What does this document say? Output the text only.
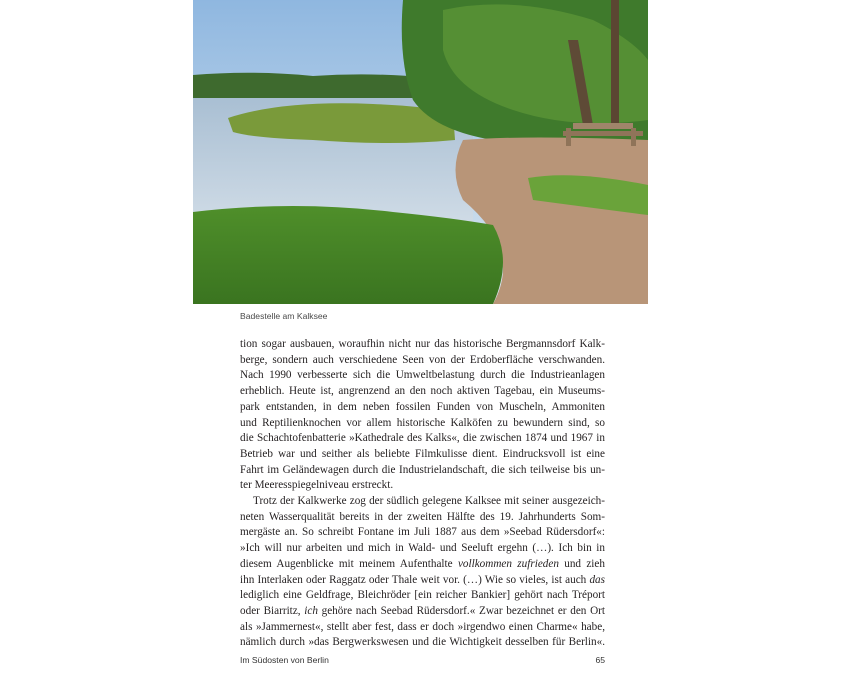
Badestelle am Kalksee

tion sogar ausbauen, woraufhin nicht nur das historische Bergmannsdorf Kalk-
berge, sondern auch verschiedene Seen von der Erdoberfläche verschwanden.
Nach 1990 verbesserte sich die Umweltbelastung durch die Industrieanlagen
erheblich. Heute ist, angrenzend an den noch aktiven Tagebau, ein Museums-
park entstanden, in dem neben fossilen Funden von Muscheln, Ammoniten
und Reptilienknochen vor allem historische Kalköfen zu bewundern sind, so
die Schachtofenbatterie »Kathedrale des Kalks«, die zwischen 1874 und 1967 in
Betrieb war und seither als beliebte Filmkulisse dient. Eindrucksvoll ist eine
Fahrt im Geländewagen durch die Industrielandschaft, die sich teilweise bis un-
ter Meeresspiegelniveau erstreckt.

Trotz der Kalkwerke zog der südlich gelegene Kalksee mit seiner ausgezeich-
neten Wasserqualität bereits in der zweiten Hälfte des 19. Jahrhunderts Som-
mergäste an. So schreibt Fontane im Juli 1887 aus dem »Seebad Rüdersdorf«:
»Ich will nur arbeiten und mich in Wald- und Seeluft ergehn (…). Ich bin in
diesem Augenblicke mit meinem Aufenthalte vollkommen zufrieden und zieh
ihn Interlaken oder Raggatz oder Thale weit vor. (…) Wie so vieles, ist auch das
lediglich eine Geldfrage, Bleichröder [ein reicher Bankier] gehört nach Tréport
oder Biarritz, ich gehöre nach Seebad Rüdersdorf.« Zwar bezeichnet er den Ort
als »Jammernest«, stellt aber fest, dass er doch »irgendwo einen Charme« habe,
nämlich durch »das Bergwerkswesen und die Wichtigkeit desselben für Berlin«.

Im Südosten von Berlin	65
